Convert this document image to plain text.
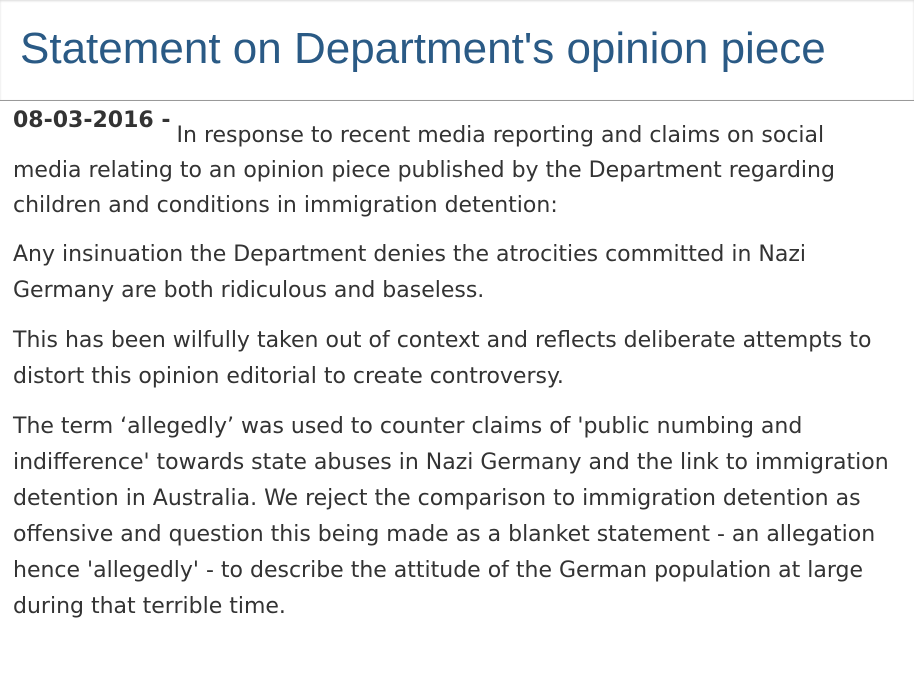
Statement on Department's opinion piece

08-03-2016 -In response to recent media reporting and claims on social media relating to an opinion piece published by the Department regarding children and conditions in immigration detention:

Any insinuation the Department denies the atrocities committed in Nazi Germany are both ridiculous and baseless.

This has been wilfully taken out of context and reflects deliberate attempts to distort this opinion editorial to create controversy.

The term ‘allegedly’ was used to counter claims of 'public numbing and indifference' towards state abuses in Nazi Germany and the link to immigration detention in Australia. We reject the comparison to immigration detention as offensive and question this being made as a blanket statement - an allegation hence 'allegedly' - to describe the attitude of the German population at large during that terrible time.
